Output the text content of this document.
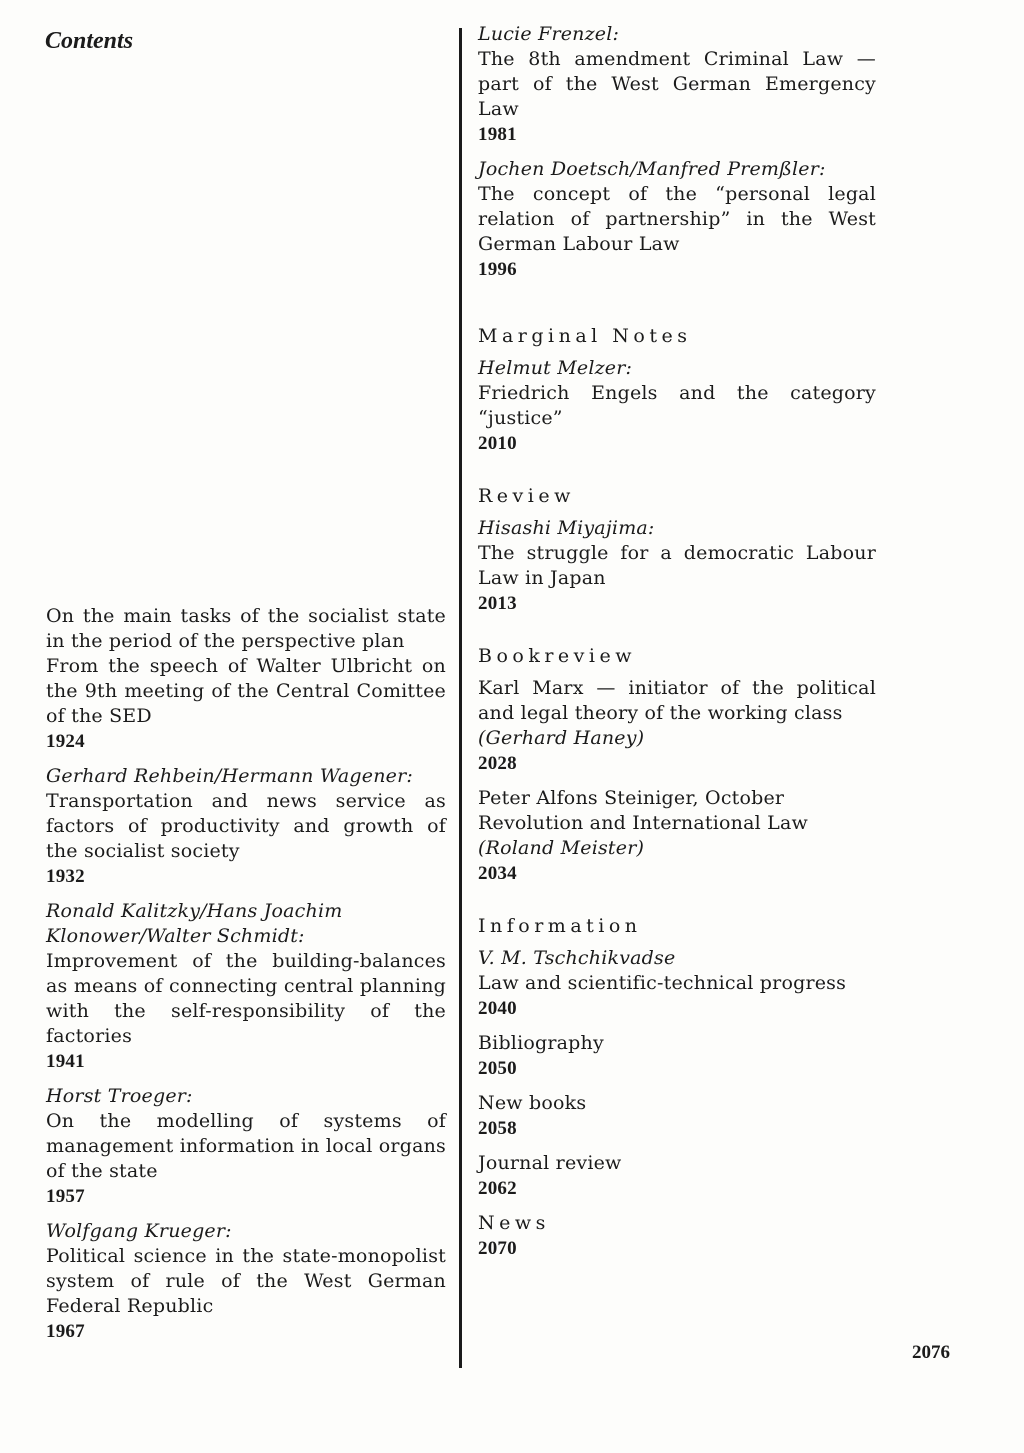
Contents
On the main tasks of the socialist state in the period of the perspective plan
From the speech of Walter Ulbricht on the 9th meeting of the Central Comittee of the SED
1924
Gerhard Rehbein/Hermann Wagener:
Transportation and news service as factors of productivity and growth of the socialist society
1932
Ronald Kalitzky/Hans Joachim Klonower/Walter Schmidt:
Improvement of the building-balances as means of connecting central planning with the self-responsibility of the factories
1941
Horst Troeger:
On the modelling of systems of management information in local organs of the state
1957
Wolfgang Krueger:
Political science in the state-monopolist system of rule of the West German Federal Republic
1967
Lucie Frenzel:
The 8th amendment Criminal Law — part of the West German Emergency Law
1981
Jochen Doetsch/Manfred Premßler:
The concept of the “personal legal relation of partnership” in the West German Labour Law
1996
Marginal Notes
Helmut Melzer:
Friedrich Engels and the category “justice”
2010
Review
Hisashi Miyajima:
The struggle for a democratic Labour Law in Japan
2013
Bookreview
Karl Marx — initiator of the political and legal theory of the working class
(Gerhard Haney)
2028
Peter Alfons Steiniger, October Revolution and International Law
(Roland Meister)
2034
Information
V. M. Tschchikvadse
Law and scientific-technical progress
2040
Bibliography
2050
New books
2058
Journal review
2062
News
2070
2076
